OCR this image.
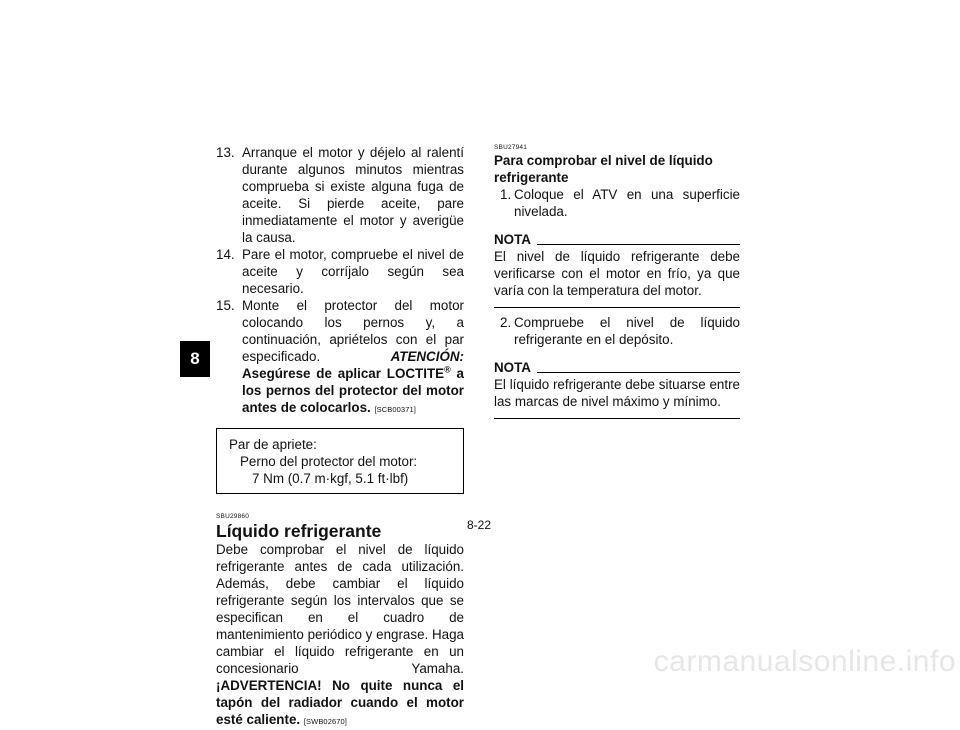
8
13. Arranque el motor y déjelo al ralentí durante algunos minutos mientras comprueba si existe alguna fuga de aceite. Si pierde aceite, pare inmediatamente el motor y averigüe la causa.
14. Pare el motor, compruebe el nivel de aceite y corríjalo según sea necesario.
15. Monte el protector del motor colocando los pernos y, a continuación, apriételos con el par especificado.	ATENCIÓN: Asegúrese de aplicar LOCTITE® a los pernos del protector del motor antes de colocarlos. [SCB00371]
Par de apriete:
Perno del protector del motor:
7 Nm (0.7 m·kgf, 5.1 ft·lbf)
SBU29860
Líquido refrigerante
Debe comprobar el nivel de líquido refrigerante antes de cada utilización. Además, debe cambiar el líquido refrigerante según los intervalos que se especifican en el cuadro de mantenimiento periódico y engrase. Haga cambiar el líquido refrigerante en un concesionario Yamaha. ¡ADVERTENCIA! No quite nunca el tapón del radiador cuando el motor esté caliente. [SWB02670]
SBU27941
Para comprobar el nivel de líquido refrigerante
1. Coloque el ATV en una superficie nivelada.
NOTA
El nivel de líquido refrigerante debe verificarse con el motor en frío, ya que varía con la temperatura del motor.
2. Compruebe el nivel de líquido refrigerante en el depósito.
NOTA
El líquido refrigerante debe situarse entre las marcas de nivel máximo y mínimo.
8-22
carmanualsonline.info
